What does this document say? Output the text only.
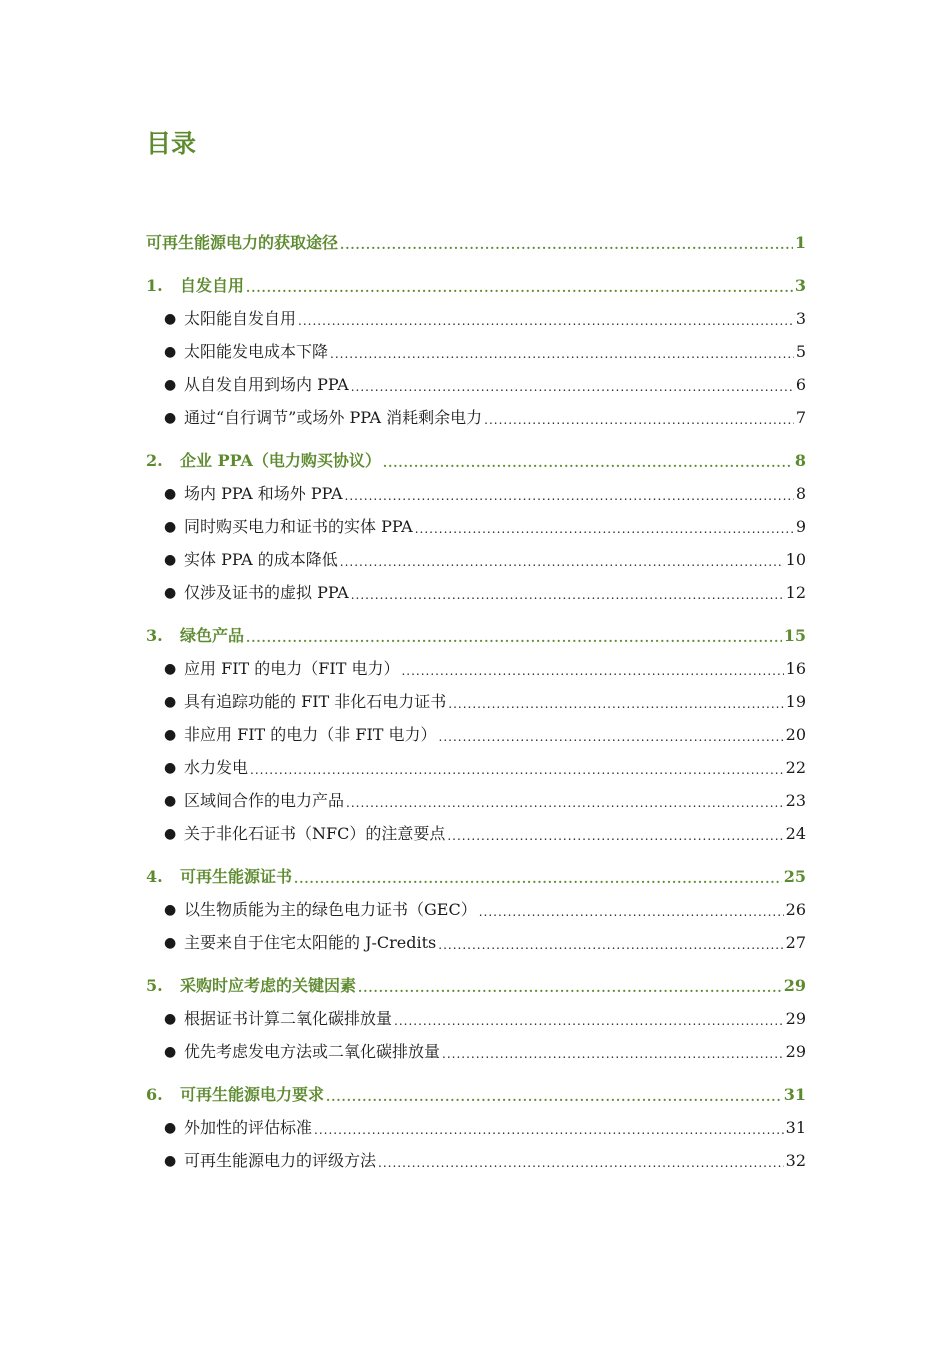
目录
可再生能源电力的获取途径 .....	1
1.	自发自用 .....	3
● 太阳能自发自用 .....	3
● 太阳能发电成本下降 .....	5
● 从自发自用到场内 PPA .....	6
● 通过“自行调节”或场外 PPA 消耗剩余电力 .....	7
2.	企业 PPA（电力购买协议） .....	8
● 场内 PPA 和场外 PPA .....	8
● 同时购买电力和证书的实体 PPA .....	9
● 实体 PPA 的成本降低 .....	10
● 仅涉及证书的虚拟 PPA .....	12
3.	绿色产品 .....	15
● 应用 FIT 的电力（FIT 电力） .....	16
● 具有追踪功能的 FIT 非化石电力证书 .....	19
● 非应用 FIT 的电力（非 FIT 电力） .....	20
● 水力发电 .....	22
● 区域间合作的电力产品 .....	23
● 关于非化石证书（NFC）的注意要点 .....	24
4.	可再生能源证书 .....	25
● 以生物质能为主的绿色电力证书（GEC） .....	26
● 主要来自于住宅太阳能的 J-Credits .....	27
5.	采购时应考虑的关键因素 .....	29
● 根据证书计算二氧化碳排放量 .....	29
● 优先考虑发电方法或二氧化碳排放量 .....	29
6.	可再生能源电力要求 .....	31
● 外加性的评估标准 .....	31
● 可再生能源电力的评级方法 .....	32
